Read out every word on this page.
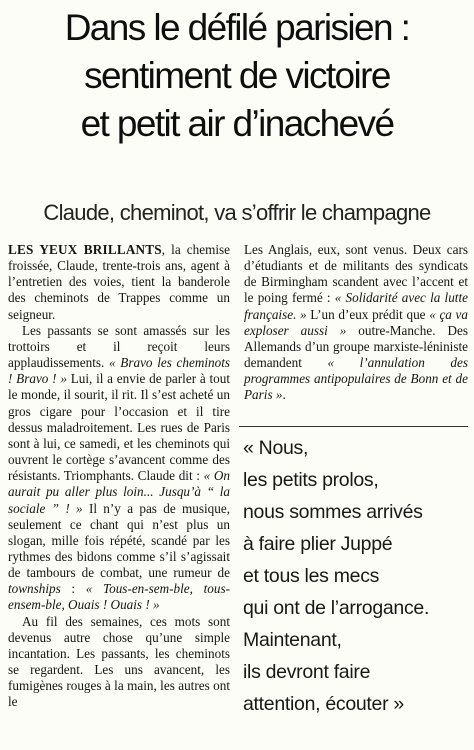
Dans le défilé parisien :
sentiment de victoire
et petit air d’inachevé
Claude, cheminot, va s’offrir le champagne

LES YEUX BRILLANTS, la chemise froissée, Claude, trente-trois ans, agent à l’entretien des voies, tient la banderole des cheminots de Trappes comme un seigneur.

Les passants se sont amassés sur les trottoirs et il reçoit leurs applaudissements. « Bravo les cheminots ! Bravo ! » Lui, il a envie de parler à tout le monde, il sourit, il rit. Il s’est acheté un gros cigare pour l’occasion et il tire dessus maladroitement. Les rues de Paris sont à lui, ce samedi, et les cheminots qui ouvrent le cortège s’avancent comme des résistants. Triomphants. Claude dit : « On aurait pu aller plus loin... Jusqu’à “ la sociale ” ! » Il n’y a pas de musique, seulement ce chant qui n’est plus un slogan, mille fois répété, scandé par les rythmes des bidons comme s’il s’agissait de tambours de combat, une rumeur de townships : « Tous-en-sem-ble, tous-ensem-ble, Ouais ! Ouais ! »

Au fil des semaines, ces mots sont devenus autre chose qu’une simple incantation. Les passants, les cheminots se regardent. Les uns avancent, les fumigènes rouges à la main, les autres ont le

Les Anglais, eux, sont venus. Deux cars d’étudiants et de militants des syndicats de Birmingham scandent avec l’accent et le poing fermé : « Solidarité avec la lutte française. » L’un d’eux prédit que « ça va exploser aussi » outre-Manche. Des Allemands d’un groupe marxiste-léniniste demandent « l’annulation des programmes antipopulaires de Bonn et de Paris ».

« Nous,
les petits prolos,
nous sommes arrivés
à faire plier Juppé
et tous les mecs
qui ont de l’arrogance.
Maintenant,
ils devront faire
attention, écouter »
